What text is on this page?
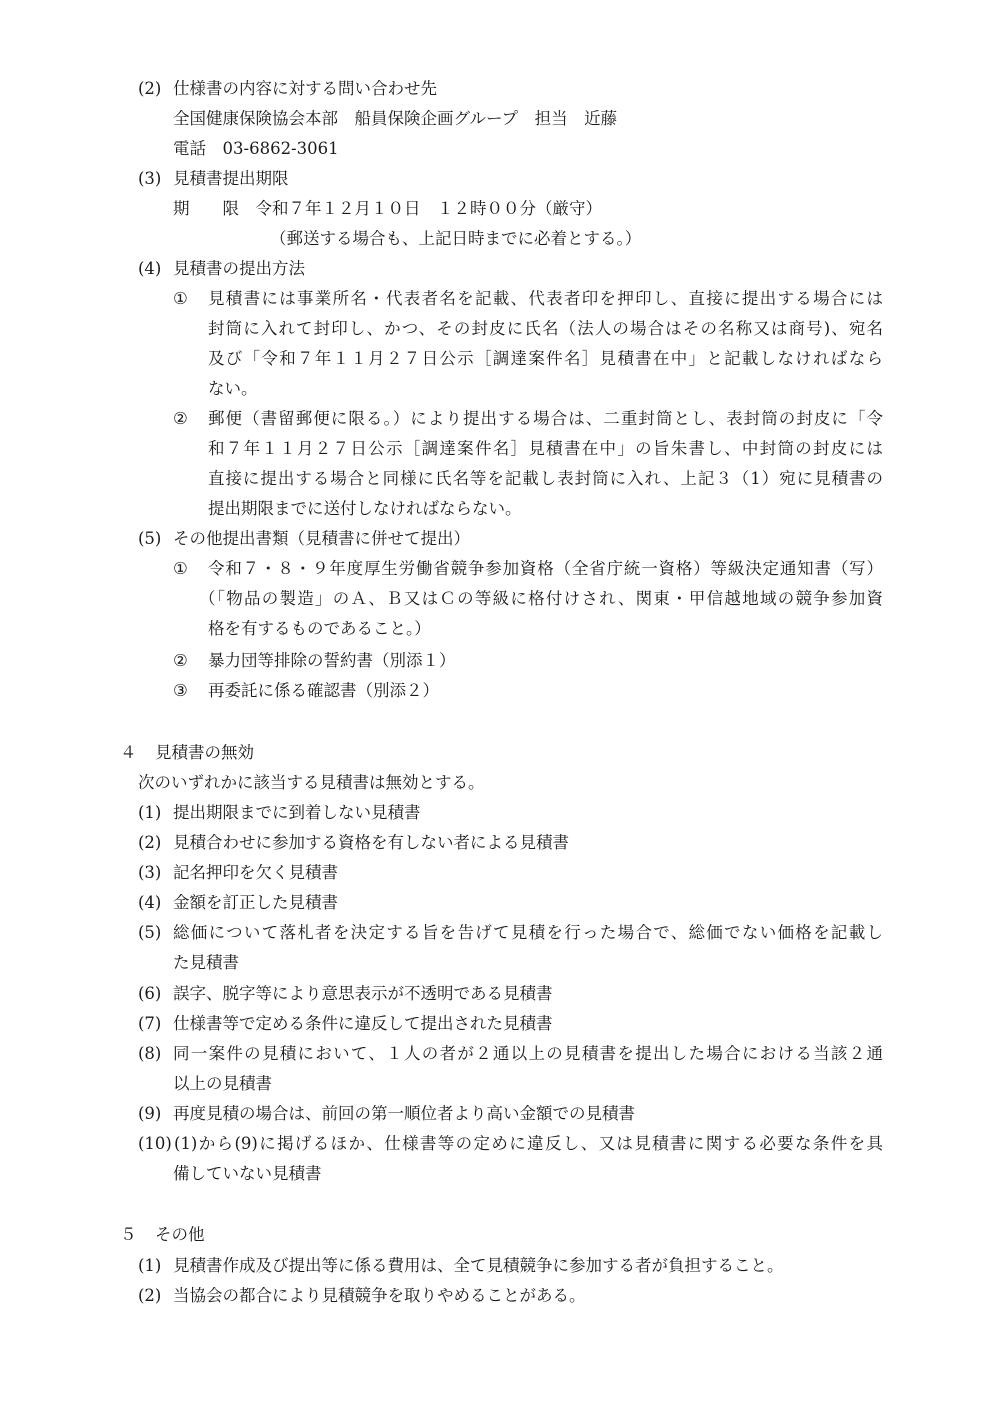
(2) 仕様書の内容に対する問い合わせ先
全国健康保険協会本部　船員保険企画グループ　担当　近藤
電話　03-6862-3061
(3) 見積書提出期限
期　　限　令和７年１２月１０日　１２時００分（厳守）
（郵送する場合も、上記日時までに必着とする。）
(4) 見積書の提出方法
① 見積書には事業所名・代表者名を記載、代表者印を押印し、直接に提出する場合には
封筒に入れて封印し、かつ、その封皮に氏名（法人の場合はその名称又は商号)、宛名
及び「令和７年１１月２７日公示［調達案件名］見積書在中」と記載しなければなら
ない。
② 郵便（書留郵便に限る。）により提出する場合は、二重封筒とし、表封筒の封皮に「令
和７年１１月２７日公示［調達案件名］見積書在中」の旨朱書し、中封筒の封皮には
直接に提出する場合と同様に氏名等を記載し表封筒に入れ、上記３（1）宛に見積書の
提出期限までに送付しなければならない。
(5) その他提出書類（見積書に併せて提出）
① 令和７・８・９年度厚生労働省競争参加資格（全省庁統一資格）等級決定通知書（写）
（「物品の製造」のＡ、Ｂ又はＣの等級に格付けされ、関東・甲信越地域の競争参加資
格を有するものであること。）
② 暴力団等排除の誓約書（別添１）
③ 再委託に係る確認書（別添２）
４ 見積書の無効
次のいずれかに該当する見積書は無効とする。
(1) 提出期限までに到着しない見積書
(2) 見積合わせに参加する資格を有しない者による見積書
(3) 記名押印を欠く見積書
(4) 金額を訂正した見積書
(5) 総価について落札者を決定する旨を告げて見積を行った場合で、総価でない価格を記載し
た見積書
(6) 誤字、脱字等により意思表示が不透明である見積書
(7) 仕様書等で定める条件に違反して提出された見積書
(8) 同一案件の見積において、１人の者が２通以上の見積書を提出した場合における当該２通
以上の見積書
(9) 再度見積の場合は、前回の第一順位者より高い金額での見積書
(10) (1)から(9)に掲げるほか、仕様書等の定めに違反し、又は見積書に関する必要な条件を具
備していない見積書
５ その他
(1) 見積書作成及び提出等に係る費用は、全て見積競争に参加する者が負担すること。
(2) 当協会の都合により見積競争を取りやめることがある。
